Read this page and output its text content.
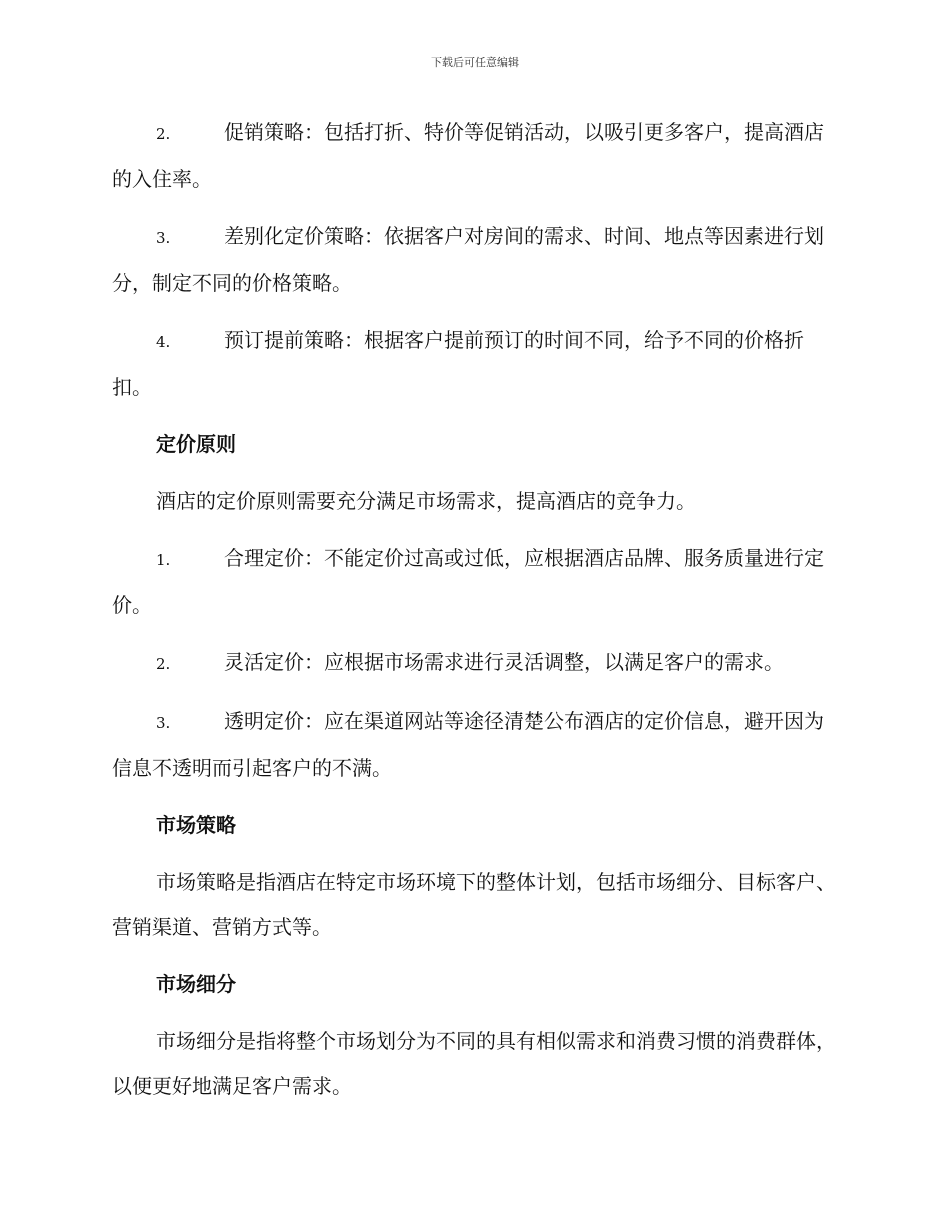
下载后可任意编辑
2.	促销策略：包括打折、特价等促销活动，以吸引更多客户，提高酒店的入住率。
3.	差别化定价策略：依据客户对房间的需求、时间、地点等因素进行划分，制定不同的价格策略。
4.	预订提前策略：根据客户提前预订的时间不同，给予不同的价格折扣。
定价原则
酒店的定价原则需要充分满足市场需求，提高酒店的竞争力。
1.	合理定价：不能定价过高或过低，应根据酒店品牌、服务质量进行定价。
2.	灵活定价：应根据市场需求进行灵活调整，以满足客户的需求。
3.	透明定价：应在渠道网站等途径清楚公布酒店的定价信息，避开因为信息不透明而引起客户的不满。
市场策略
市场策略是指酒店在特定市场环境下的整体计划，包括市场细分、目标客户、营销渠道、营销方式等。
市场细分
市场细分是指将整个市场划分为不同的具有相似需求和消费习惯的消费群体，以便更好地满足客户需求。
